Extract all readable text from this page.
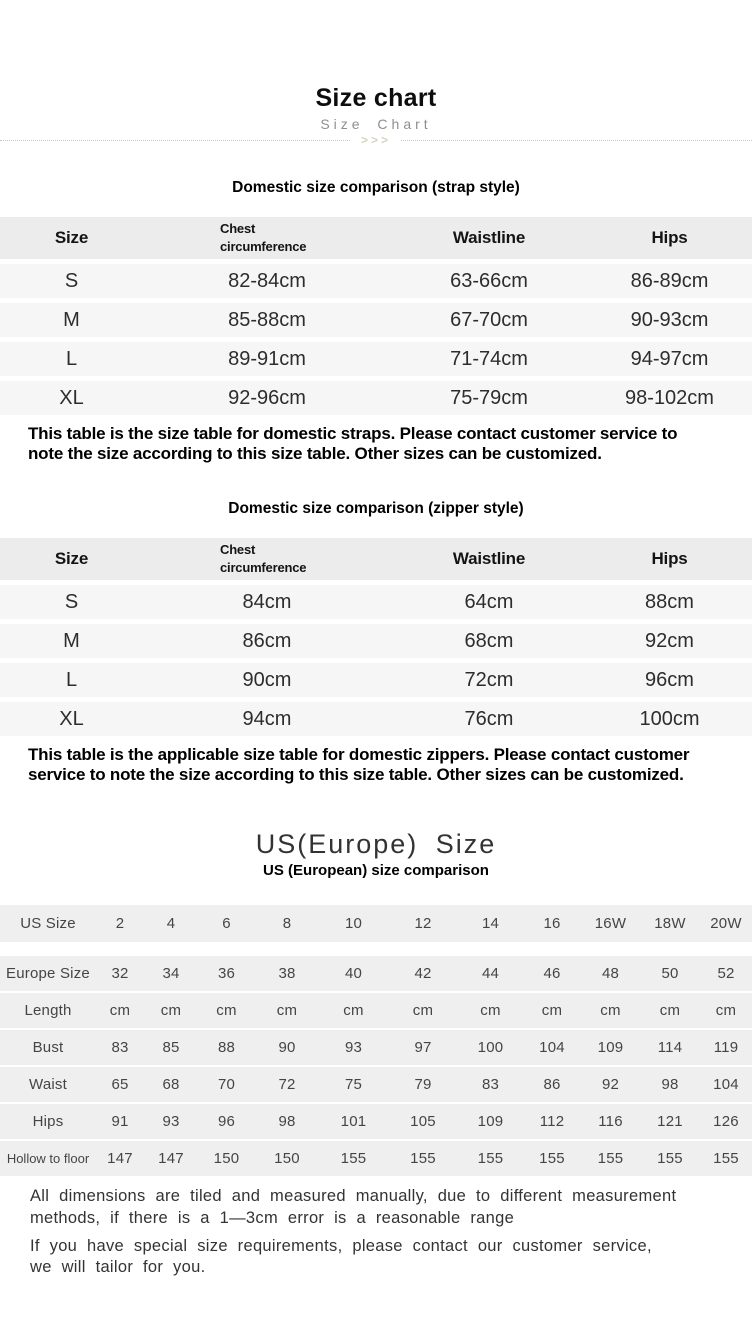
Size chart
Size Chart
>>>
Domestic size comparison (strap style)
Size	Chest circumference	Waistline	Hips
S	82-84cm	63-66cm	86-89cm
M	85-88cm	67-70cm	90-93cm
L	89-91cm	71-74cm	94-97cm
XL	92-96cm	75-79cm	98-102cm
This table is the size table for domestic straps. Please contact customer service to
note the size according to this size table. Other sizes can be customized.
Domestic size comparison (zipper style)
Size	Chest circumference	Waistline	Hips
S	84cm	64cm	88cm
M	86cm	68cm	92cm
L	90cm	72cm	96cm
XL	94cm	76cm	100cm
This table is the applicable size table for domestic zippers. Please contact customer
service to note the size according to this size table. Other sizes can be customized.
US(Europe) Size
US (European) size comparison
US Size	2	4	6	8	10	12	14	16	16W	18W	20W
Europe Size	32	34	36	38	40	42	44	46	48	50	52
Length	cm	cm	cm	cm	cm	cm	cm	cm	cm	cm	cm
Bust	83	85	88	90	93	97	100	104	109	114	119
Waist	65	68	70	72	75	79	83	86	92	98	104
Hips	91	93	96	98	101	105	109	112	116	121	126
Hollow to floor	147	147	150	150	155	155	155	155	155	155	155
All dimensions are tiled and measured manually, due to different measurement
methods, if there is a 1—3cm error is a reasonable range
If you have special size requirements, please contact our customer service,
we will tailor for you.
